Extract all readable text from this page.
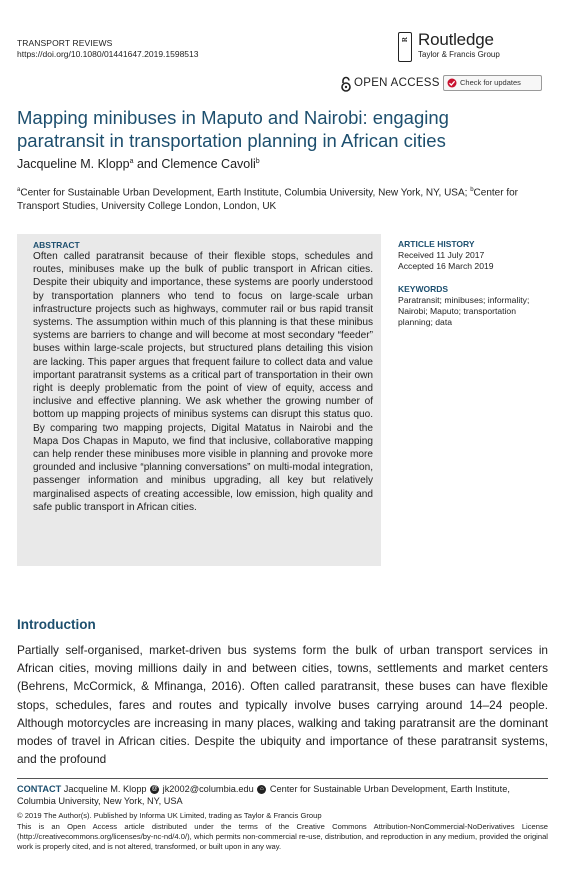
TRANSPORT REVIEWS
https://doi.org/10.1080/01441647.2019.1598513
R Routledge
Taylor & Francis Group
OPEN ACCESS	Check for updates
Mapping minibuses in Maputo and Nairobi: engaging paratransit in transportation planning in African cities
Jacqueline M. Klopp$^a$ and Clemence Cavoli$^b$
$^a$Center for Sustainable Urban Development, Earth Institute, Columbia University, New York, NY, USA; $^b$Center for Transport Studies, University College London, London, UK
ABSTRACT
Often called paratransit because of their flexible stops, schedules and routes, minibuses make up the bulk of public transport in African cities. Despite their ubiquity and importance, these systems are poorly understood by transportation planners who tend to focus on large-scale urban infrastructure projects such as highways, commuter rail or bus rapid transit systems. The assumption within much of this planning is that these minibus systems are barriers to change and will become at most secondary “feeder” buses within large-scale projects, but structured plans detailing this vision are lacking. This paper argues that frequent failure to collect data and value important paratransit systems as a critical part of transportation in their own right is deeply problematic from the point of view of equity, access and inclusive and effective planning. We ask whether the growing number of bottom up mapping projects of minibus systems can disrupt this status quo. By comparing two mapping projects, Digital Matatus in Nairobi and the Mapa Dos Chapas in Maputo, we find that inclusive, collaborative mapping can help render these minibuses more visible in planning and provoke more grounded and inclusive “planning conversations” on multi-modal integration, passenger information and minibus upgrading, all key but relatively marginalised aspects of creating accessible, low emission, high quality and safe public transport in African cities.
ARTICLE HISTORY
Received 11 July 2017
Accepted 16 March 2019
KEYWORDS
Paratransit; minibuses; informality; Nairobi; Maputo; transportation planning; data
Introduction
Partially self-organised, market-driven bus systems form the bulk of urban transport services in African cities, moving millions daily in and between cities, towns, settlements and market centers (Behrens, McCormick, & Mfinanga, 2016). Often called paratransit, these buses can have flexible stops, schedules, fares and routes and typically involve buses carrying around 14–24 people. Although motorcycles are increasing in many places, walking and taking paratransit are the dominant modes of travel in African cities. Despite the ubiquity and importance of these paratransit systems, and the profound
CONTACT Jacqueline M. Klopp @ jk2002@columbia.edu ⌂ Center for Sustainable Urban Development, Earth Institute, Columbia University, New York, NY, USA
© 2019 The Author(s). Published by Informa UK Limited, trading as Taylor & Francis Group
This is an Open Access article distributed under the terms of the Creative Commons Attribution-NonCommercial-NoDerivatives License (http://creativecommons.org/licenses/by-nc-nd/4.0/), which permits non-commercial re-use, distribution, and reproduction in any medium, provided the original work is properly cited, and is not altered, transformed, or built upon in any way.
